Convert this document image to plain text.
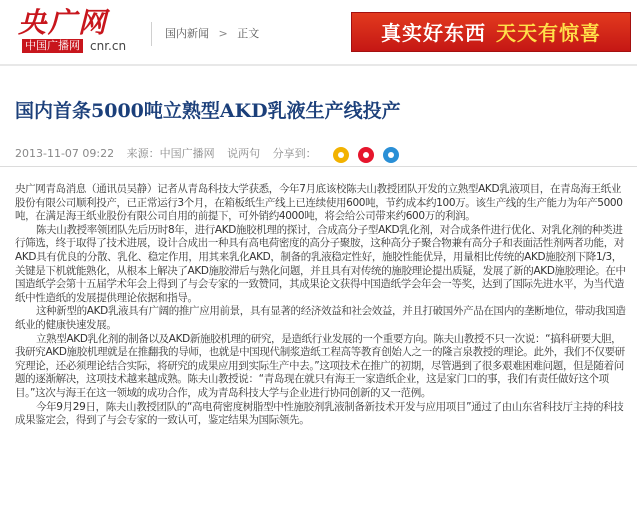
央广网
中国广播网 cnr.cn
国内新闻 > 正文	真实好东西 天天有惊喜
国内首条5000吨立熟型AKD乳液生产线投产
2013-11-07 09:22 来源：中国广播网 说两句 分享到：

央广网青岛消息（通讯员吴静）记者从青岛科技大学获悉，今年7月底该校陈夫山教授团队开发的立熟型AKD乳液项目，在青岛海王纸业股份有限公司顺利投产，已正常运行3个月，在箱板纸生产线上已连续使用600吨，节约成本约100万。该生产线的生产能力为年产5000吨，在满足海王纸业股份有限公司自用的前提下，可外销约4000吨，将会给公司带来约600万的利润。

陈夫山教授率领团队先后历时8年，进行AKD施胶机理的探讨，合成高分子型AKD乳化剂，对合成条件进行优化、对乳化剂的种类进行筛选，终于取得了技术进展，设计合成出一种具有高电荷密度的高分子聚胺，这种高分子聚合物兼有高分子和表面活性剂两者功能，对AKD具有优良的分散、乳化、稳定作用，用其来乳化AKD，制备的乳液稳定性好，施胶性能优异，用量相比传统的AKD施胶剂下降1/3，关键是下机就能熟化，从根本上解决了AKD施胶滞后与熟化问题，并且具有对传统的施胶理论提出质疑，发展了新的AKD施胶理论。在中国造纸学会第十五届学术年会上得到了与会专家的一致赞同，其成果论文获得中国造纸学会年会一等奖，达到了国际先进水平，为当代造纸中性造纸的发展提供理论依据和指导。

这种新型的AKD乳液具有广阔的推广应用前景，具有显著的经济效益和社会效益，并且打破国外产品在国内的垄断地位，带动我国造纸业的健康快速发展。

立熟型AKD乳化剂的制备以及AKD新施胶机理的研究，是造纸行业发展的一个重要方向。陈夫山教授不只一次说：“搞科研要大胆，我研究AKD施胶机理就是在推翻我的导师，也就是中国现代制浆造纸工程高等教育创始人之一的隆言泉教授的理论。此外，我们不仅要研究理论，还必须理论结合实际，将研究的成果应用到实际生产中去。”这项技术在推广的初期，尽管遇到了很多艰难困难问题，但是随着问题的逐渐解决，这项技术越来越成熟。陈夫山教授说：“青岛现在就只有海王一家造纸企业，这是家门口的事，我们有责任做好这个项目。”这次与海王在这一领域的成功合作，成为青岛科技大学与企业进行协同创新的又一范例。

今年9月29日，陈夫山教授团队的“高电荷密度树脂型中性施胶剂乳液制备新技术开发与应用项目”通过了由山东省科技厅主持的科技成果鉴定会，得到了与会专家的一致认可，鉴定结果为国际领先。
